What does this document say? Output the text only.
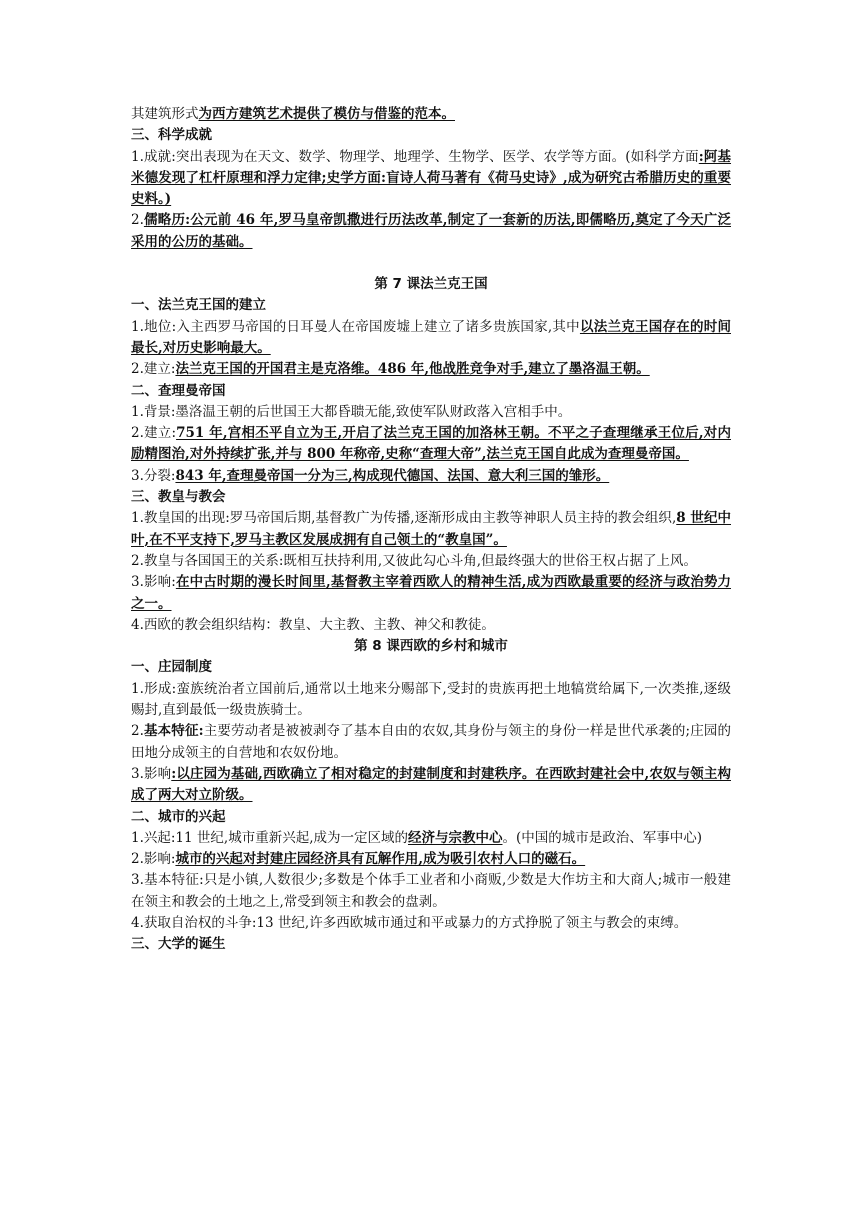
其建筑形式为西方建筑艺术提供了模仿与借鉴的范本。

三、科学成就

1.成就:突出表现为在天文、数学、物理学、地理学、生物学、医学、农学等方面。(如科学方面:阿基米德发现了杠杆原理和浮力定律;史学方面:盲诗人荷马著有《荷马史诗》,成为研究古希腊历史的重要史料。)

2.儒略历:公元前 46 年,罗马皇帝凯撒进行历法改革,制定了一套新的历法,即儒略历,奠定了今天广泛采用的公历的基础。

第 7 课法兰克王国

一、法兰克王国的建立

1.地位:入主西罗马帝国的日耳曼人在帝国废墟上建立了诸多贵族国家,其中以法兰克王国存在的时间最长,对历史影响最大。

2.建立:法兰克王国的开国君主是克洛维。486 年,他战胜竞争对手,建立了墨洛温王朝。

二、查理曼帝国

1.背景:墨洛温王朝的后世国王大都昏聩无能,致使军队财政落入宫相手中。

2.建立:751 年,宫相丕平自立为王,开启了法兰克王国的加洛林王朝。不平之子查理继承王位后,对内励精图治,对外持续扩张,并与 800 年称帝,史称“查理大帝”,法兰克王国自此成为查理曼帝国。

3.分裂:843 年,查理曼帝国一分为三,构成现代德国、法国、意大利三国的雏形。

三、教皇与教会

1.教皇国的出现:罗马帝国后期,基督教广为传播,逐渐形成由主教等神职人员主持的教会组织,8 世纪中叶,在不平支持下,罗马主教区发展成拥有自己领土的“教皇国”。

2.教皇与各国国王的关系:既相互扶持利用,又彼此勾心斗角,但最终强大的世俗王权占据了上风。

3.影响:在中古时期的漫长时间里,基督教主宰着西欧人的精神生活,成为西欧最重要的经济与政治势力之一。

4.西欧的教会组织结构：教皇、大主教、主教、神父和教徒。

第 8 课西欧的乡村和城市

一、庄园制度

1.形成:蛮族统治者立国前后,通常以土地来分赐部下,受封的贵族再把土地犒赏给属下,一次类推,逐级赐封,直到最低一级贵族骑士。

2.基本特征:主要劳动者是被被剥夺了基本自由的农奴,其身份与领主的身份一样是世代承袭的;庄园的田地分成领主的自营地和农奴份地。

3.影响:以庄园为基础,西欧确立了相对稳定的封建制度和封建秩序。在西欧封建社会中,农奴与领主构成了两大对立阶级。

二、城市的兴起

1.兴起:11 世纪,城市重新兴起,成为一定区域的经济与宗教中心。(中国的城市是政治、军事中心)

2.影响:城市的兴起对封建庄园经济具有瓦解作用,成为吸引农村人口的磁石。

3.基本特征:只是小镇,人数很少;多数是个体手工业者和小商贩,少数是大作坊主和大商人;城市一般建在领主和教会的土地之上,常受到领主和教会的盘剥。

4.获取自治权的斗争:13 世纪,许多西欧城市通过和平或暴力的方式挣脱了领主与教会的束缚。

三、大学的诞生
